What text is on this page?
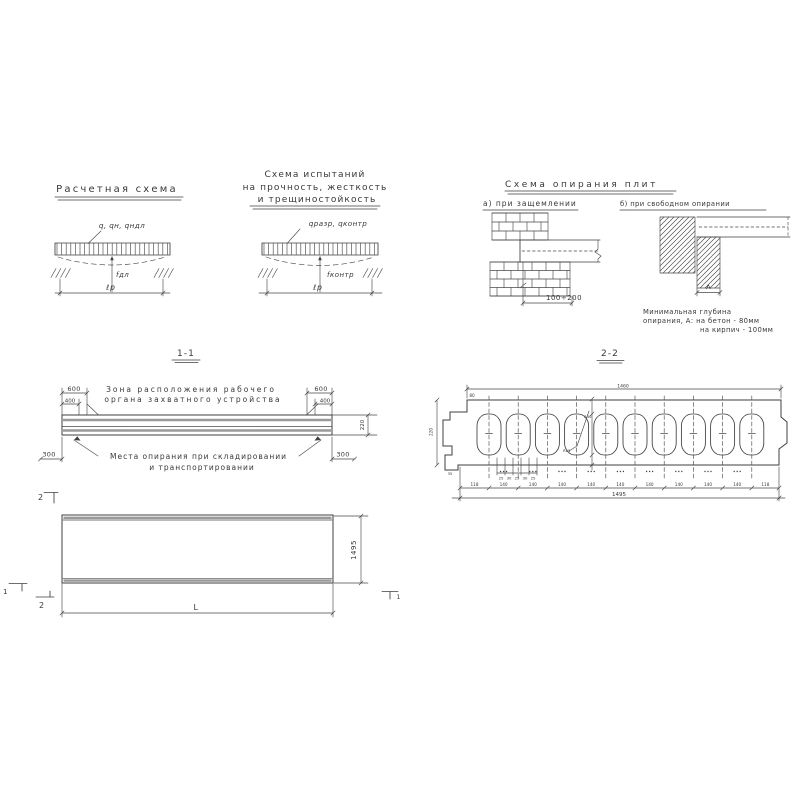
Расчетная схема
q, qн, qндл
fдл
ℓр
Схема испытаний
на прочность, жесткость
и трещиностойкость
qразр, qконтр
fконтр
ℓр
Схема опирания плит
а) при защемлении	б) при свободном опирании
100÷200
А
Минимальная глубина
опирания, А: на бетон - 80мм
на кирпич - 100мм
1-1
Зона расположения рабочего
органа захватного устройства
600
400
600
400
220
Места опирания при складировании
и транспортировании
300	300
2-2
1460
80
220
35
R40
R25
25 30 25 30 25
118	140	140	140	140	140	140	140	140	140	118
1495
1495
L
2
2
1
1
